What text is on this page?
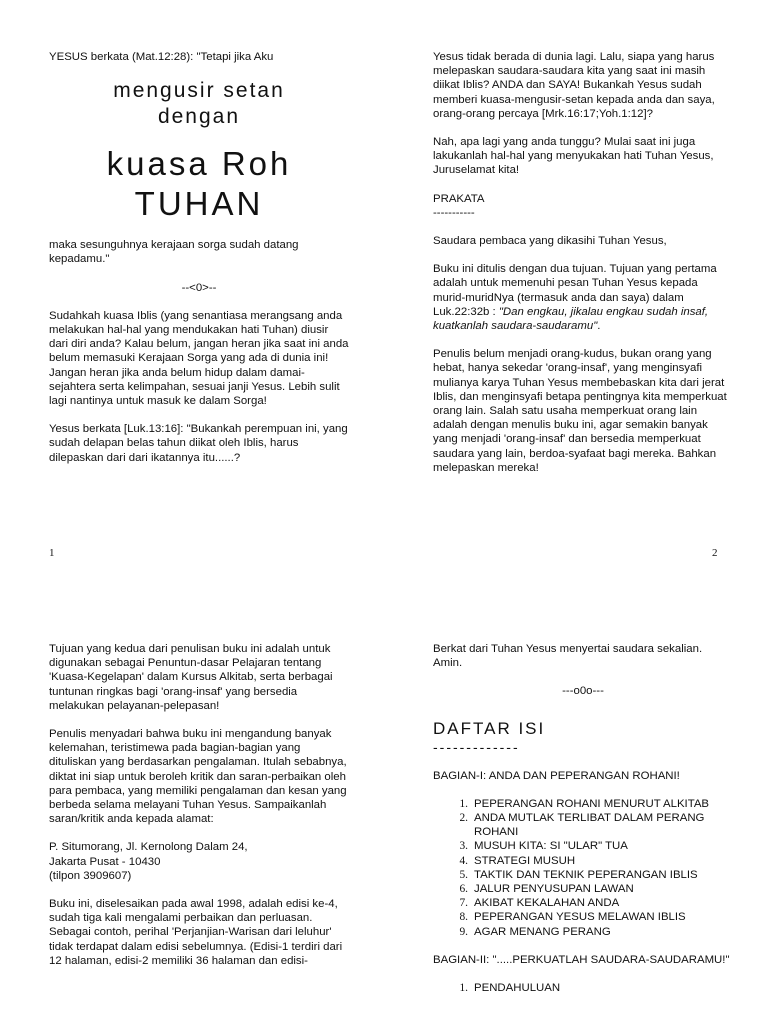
YESUS berkata (Mat.12:28): "Tetapi jika Aku

mengusir setan
dengan
kuasa Roh
TUHAN

maka sesunguhnya kerajaan sorga sudah datang kepadamu."

--<0>--

Sudahkah kuasa Iblis (yang senantiasa merangsang anda melakukan hal-hal yang mendukakan hati Tuhan) diusir dari diri anda? Kalau belum, jangan heran jika saat ini anda belum memasuki Kerajaan Sorga yang ada di dunia ini! Jangan heran jika anda belum hidup dalam damai-sejahtera serta kelimpahan, sesuai janji Yesus. Lebih sulit lagi nantinya untuk masuk ke dalam Sorga!

Yesus berkata [Luk.13:16]: "Bukankah perempuan ini, yang sudah delapan belas tahun diikat oleh Iblis, harus dilepaskan dari dari ikatannya itu......?

1

Yesus tidak berada di dunia lagi. Lalu, siapa yang harus melepaskan saudara-saudara kita yang saat ini masih diikat Iblis? ANDA dan SAYA! Bukankah Yesus sudah memberi kuasa-mengusir-setan kepada anda dan saya, orang-orang percaya [Mrk.16:17;Yoh.1:12]?

Nah, apa lagi yang anda tunggu? Mulai saat ini juga lakukanlah hal-hal yang menyukakan hati Tuhan Yesus, Juruselamat kita!

PRAKATA

-----------

Saudara pembaca yang dikasihi Tuhan Yesus,

Buku ini ditulis dengan dua tujuan. Tujuan yang pertama adalah untuk memenuhi pesan Tuhan Yesus kepada murid-muridNya (termasuk anda dan saya) dalam Luk.22:32b : "Dan engkau, jikalau engkau sudah insaf, kuatkanlah saudara-saudaramu".

Penulis belum menjadi orang-kudus, bukan orang yang hebat, hanya sekedar 'orang-insaf', yang menginsyafi mulianya karya Tuhan Yesus membebaskan kita dari jerat Iblis, dan menginsyafi betapa pentingnya kita memperkuat orang lain. Salah satu usaha memperkuat orang lain adalah dengan menulis buku ini, agar semakin banyak yang menjadi 'orang-insaf' dan bersedia memperkuat saudara yang lain, berdoa-syafaat bagi mereka. Bahkan melepaskan mereka!

2

Tujuan yang kedua dari penulisan buku ini adalah untuk digunakan sebagai Penuntun-dasar Pelajaran tentang 'Kuasa-Kegelapan' dalam Kursus Alkitab, serta berbagai tuntunan ringkas bagi 'orang-insaf' yang bersedia melakukan pelayanan-pelepasan!

Penulis menyadari bahwa buku ini mengandung banyak kelemahan, teristimewa pada bagian-bagian yang dituliskan yang berdasarkan pengalaman. Itulah sebabnya, diktat ini siap untuk beroleh kritik dan saran-perbaikan oleh para pembaca, yang memiliki pengalaman dan kesan yang berbeda selama melayani Tuhan Yesus. Sampaikanlah saran/kritik anda kepada alamat:

P. Situmorang, Jl. Kernolong Dalam 24,
Jakarta Pusat - 10430
(tilpon 3909607)

Buku ini, diselesaikan pada awal 1998, adalah edisi ke-4, sudah tiga kali mengalami perbaikan dan perluasan. Sebagai contoh, perihal 'Perjanjian-Warisan dari leluhur' tidak terdapat dalam edisi sebelumnya. (Edisi-1 terdiri dari 12 halaman, edisi-2 memiliki 36 halaman dan edisi-

Berkat dari Tuhan Yesus menyertai saudara sekalian. Amin.

---o0o---

DAFTAR ISI
-------------

BAGIAN-I: ANDA DAN PEPERANGAN ROHANI!

1. PEPERANGAN ROHANI MENURUT ALKITAB
2. ANDA MUTLAK TERLIBAT DALAM PERANG ROHANI
3. MUSUH KITA: SI "ULAR" TUA
4. STRATEGI MUSUH
5. TAKTIK DAN TEKNIK PEPERANGAN IBLIS
6. JALUR PENYUSUPAN LAWAN
7. AKIBAT KEKALAHAN ANDA
8. PEPERANGAN YESUS MELAWAN IBLIS
9. AGAR MENANG PERANG

BAGIAN-II: ".....PERKUATLAH SAUDARA-SAUDARAMU!"

1. PENDAHULUAN
